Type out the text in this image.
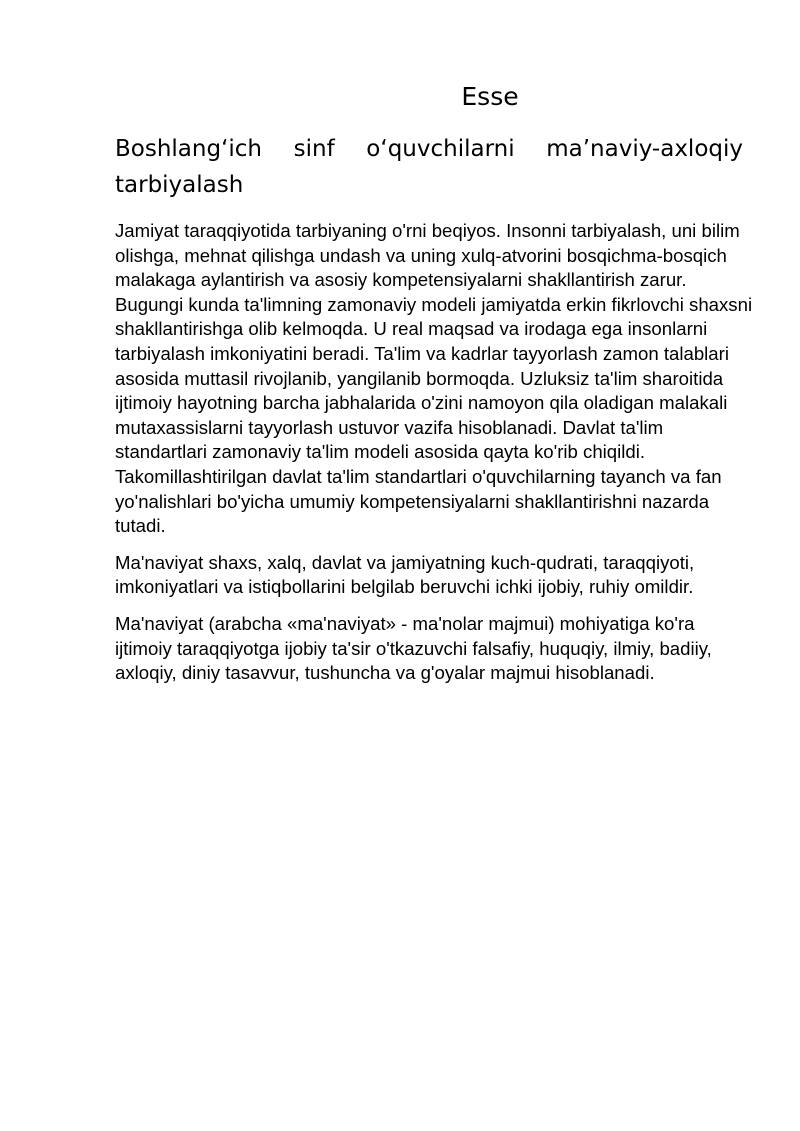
Esse
Boshlang‘ich sinf o‘quvchilarni ma’naviy-axloqiy tarbiyalash

Jamiyat taraqqiyotida tarbiyaning o'rni beqiyos. Insonni tarbiyalash, uni bilim olishga, mehnat qilishga undash va uning xulq-atvorini bosqichma-bosqich malakaga aylantirish va asosiy kompetensiyalarni shakllantirish zarur. Bugungi kunda ta'limning zamonaviy modeli jamiyatda erkin fikrlovchi shaxsni shakllantirishga olib kelmoqda. U real maqsad va irodaga ega insonlarni tarbiyalash imkoniyatini beradi. Ta'lim va kadrlar tayyorlash zamon talablari asosida muttasil rivojlanib, yangilanib bormoqda. Uzluksiz ta'lim sharoitida ijtimoiy hayotning barcha jabhalarida o'zini namoyon qila oladigan malakali mutaxassislarni tayyorlash ustuvor vazifa hisoblanadi. Davlat ta'lim standartlari zamonaviy ta'lim modeli asosida qayta ko'rib chiqildi. Takomillashtirilgan davlat ta'lim standartlari o'quvchilarning tayanch va fan yo'nalishlari bo'yicha umumiy kompetensiyalarni shakllantirishni nazarda tutadi.

Ma'naviyat shaxs, xalq, davlat va jamiyatning kuch-qudrati, taraqqiyoti, imkoniyatlari va istiqbollarini belgilab beruvchi ichki ijobiy, ruhiy omildir.

Ma'naviyat (arabcha «ma'naviyat» - ma'nolar majmui) mohiyatiga ko'ra ijtimoiy taraqqiyotga ijobiy ta'sir o'tkazuvchi falsafiy, huquqiy, ilmiy, badiiy, axloqiy, diniy tasavvur, tushuncha va g'oyalar majmui hisoblanadi.
